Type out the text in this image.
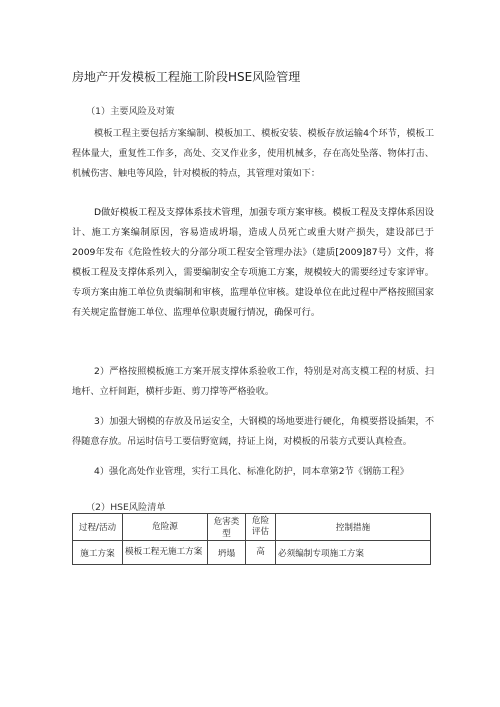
房地产开发模板工程施工阶段HSE风险管理
（1）主要风险及对策
模板工程主要包括方案编制、模板加工、模板安装、模板存放运输4个环节，模板工程体量大，重复性工作多，高处、交叉作业多，使用机械多，存在高处坠落、物体打击、机械伤害、触电等风险，针对模板的特点，其管理对策如下：
D做好模板工程及支撑体系技术管理，加强专项方案审核。模板工程及支撑体系因设计、施工方案编制原因，容易造成坍塌，造成人员死亡或重大财产损失，建设部已于2009年发布《危险性较大的分部分项工程安全管理办法》（建质[2009]87号）文件，将模板工程及支撑体系列入，需要编制安全专项施工方案，规模较大的需要经过专家评审。专项方案由施工单位负责编制和审核，监理单位审核。建设单位在此过程中严格按照国家有关规定监督施工单位、监理单位职责履行情况，确保可行。
2）严格按照模板施工方案开展支撑体系验收工作，特别是对高支模工程的材质、扫地杆、立杆间距，横杆步距、剪刀撑等严格验收。
3）加强大钢模的存放及吊运安全，大钢模的场地要进行硬化，角模要搭设插架，不得随意存放。吊运时信号工要信野宽阔，持证上岗，对模板的吊装方式要认真检查。
4）强化高处作业管理，实行工具化、标准化防护，同本章第2节《钢筋工程》
（2）HSE风险清单
过程/活动	危险源	危害类型	危险评估	控制措施
施工方案	模板工程无施工方案	坍塌	高	必须编制专项施工方案
